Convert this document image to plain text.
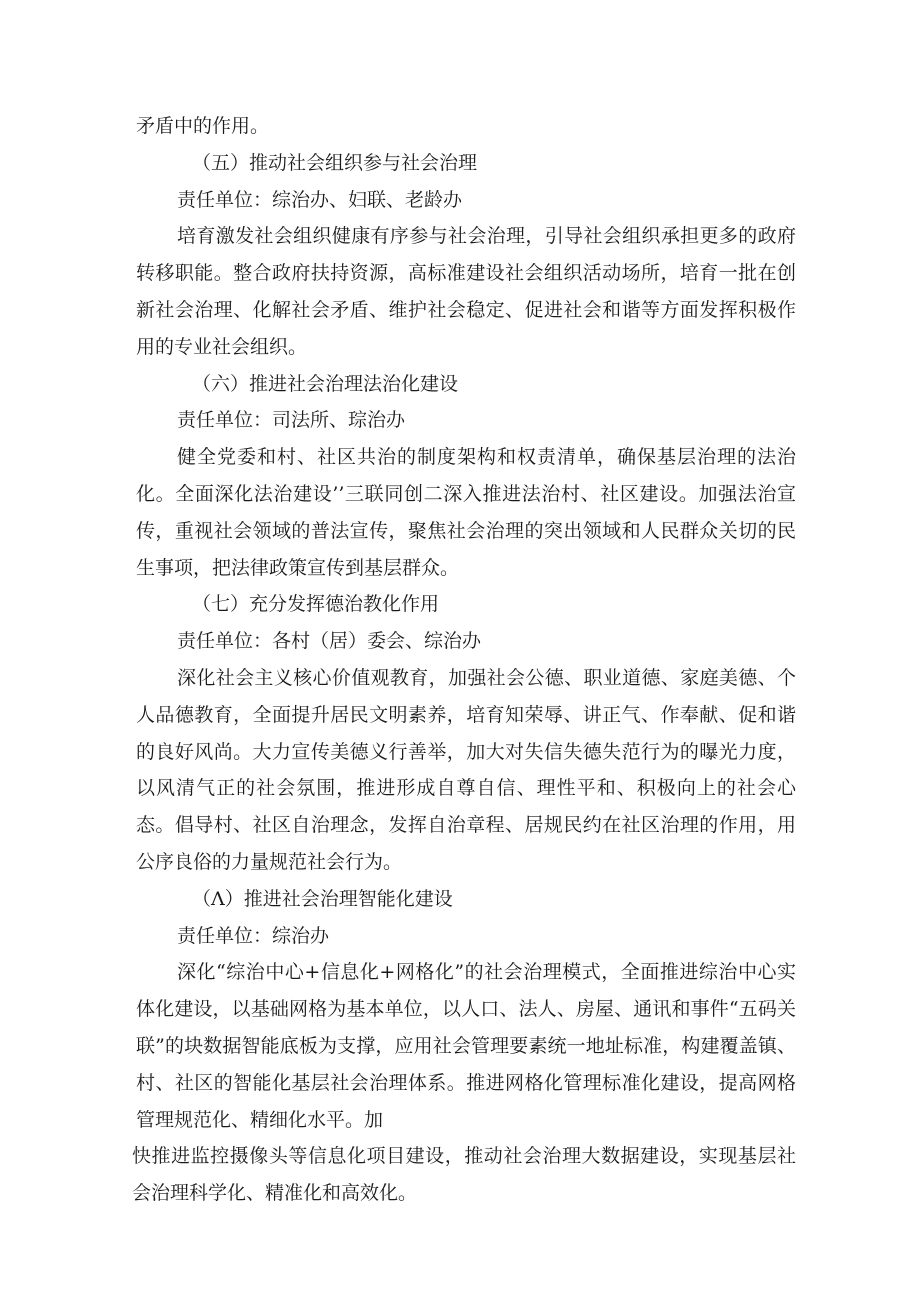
矛盾中的作用。

（五）推动社会组织参与社会治理

责任单位：综治办、妇联、老龄办

培育激发社会组织健康有序参与社会治理，引导社会组织承担更多的政府转移职能。整合政府扶持资源，高标准建设社会组织活动场所，培育一批在创新社会治理、化解社会矛盾、维护社会稳定、促进社会和谐等方面发挥积极作用的专业社会组织。

（六）推进社会治理法治化建设

责任单位：司法所、琮治办

健全党委和村、社区共治的制度架构和权责清单，确保基层治理的法治化。全面深化法治建设’’三联同创二深入推进法治村、社区建设。加强法治宣传，重视社会领域的普法宣传，聚焦社会治理的突出领域和人民群众关切的民生事项，把法律政策宣传到基层群众。

（七）充分发挥德治教化作用

责任单位：各村（居）委会、综治办

深化社会主义核心价值观教育，加强社会公德、职业道德、家庭美德、个人品德教育，全面提升居民文明素养，培育知荣辱、讲正气、作奉献、促和谐的良好风尚。大力宣传美德义行善举，加大对失信失德失范行为的曝光力度，以风清气正的社会氛围，推进形成自尊自信、理性平和、积极向上的社会心态。倡导村、社区自治理念，发挥自治章程、居规民约在社区治理的作用，用公序良俗的力量规范社会行为。

（Λ）推进社会治理智能化建设

责任单位：综治办

深化“综治中心+信息化+网格化”的社会治理模式，全面推进综治中心实体化建设，以基础网格为基本单位，以人口、法人、房屋、通讯和事件“五码关联”的块数据智能底板为支撑，应用社会管理要素统一地址标准，构建覆盖镇、村、社区的智能化基层社会治理体系。推进网格化管理标准化建设，提高网格管理规范化、精细化水平。加

快推进监控摄像头等信息化项目建设，推动社会治理大数据建设，实现基层社会治理科学化、精准化和高效化。
